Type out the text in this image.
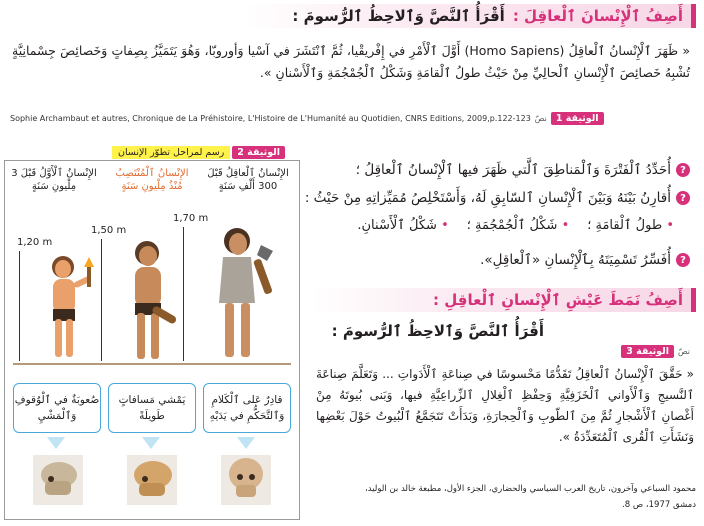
أَصِفُ ٱلْإِنْسانَ ٱلْعاقِلَ :
أَقْرَأُ ٱلنَّصَّ وَٱلاحِظُ ٱلرُّسومَ :
« ظَهَرَ ٱلْإِنْسانُ ٱلْعاقِلُ (Homo Sapiens) أَوَّلَ ٱلْأَمْرِ في إِفْريقْيا، ثُمَّ ٱنْتَشَرَ في آسْيا وَأوروبّا، وَهُوَ يَتَمَيَّزُ بِصِفاتٍ وَخَصائِصَ جِسْمانِيَّةٍ تُشْبِهُ خَصائِصَ ٱلْإِنْسانِ ٱلْحالِيِّ مِنْ حَيْثُ طولُ ٱلْقامَةِ وَشَكْلُ ٱلْجُمْجُمَةِ وَٱلْأَسْنانِ ».
Sophie Archambaut et autres, Chronique de La Préhistoire, L'Histoire de L'Humanité au Quotidien, CNRS Editions, 2009,p.122-123 نصّ الوثيقة 1
الوثيقة 2
رسم لمراحل تطوّر الإنسان
الإِنْسانُ ٱلْأَوَّلُ قَبْلَ 3 مِلْيونِ سَنَةٍ
الإِنْسانُ ٱلْمُنْتَصِبُ مُنْذُ مِلْيونِ سَنَةٍ
الإِنْسانُ ٱلْعاقِلُ قَبْلَ 300 أَلْفِ سَنَةٍ
1,20 m
1,50 m
1,70 m
صُعوبَةٌ في ٱلْوُقوفِ وَٱلْمَشْيِ
يَمْشي مَسافاتٍ طَويلَةً
قادِرٌ عَلى ٱلْكَلامِ وَٱلتَّحَكُّمِ في يَدَيْهِ
?
أُحَدِّدُ ٱلْفَتْرَةَ وَٱلْمَناطِقَ ٱلَّتي ظَهَرَ فيها ٱلْإِنْسانُ ٱلْعاقِلُ ؛
?
أُقارِنُ بَيْنَهُ وَبَيْنَ ٱلْإِنْسانِ ٱلسّابِقِ لَهُ، وَأَسْتَخْلِصُ مُمَيِّزاتِهِ مِنْ حَيْثُ :
• طولُ ٱلْقامَةِ ؛
• شَكْلُ ٱلْجُمْجُمَةِ ؛
• شَكْلُ ٱلْأَسْنانِ.
?
أُفَسِّرُ تَسْمِيَتَهُ بِٱلْإِنْسانِ «ٱلْعاقِلِ».
أَصِفُ نَمَطَ عَيْشِ ٱلْإِنْسانِ ٱلْعاقِلِ :
أَقْرَأُ ٱلنَّصَّ وَٱلاحِظُ ٱلرُّسومَ :
نصّ
الوثيقة 3
« حَقَّقَ ٱلْإِنْسانُ ٱلْعاقِلُ تَقَدُّمًا مَحْسوسًا في صِناعَةِ ٱلْأَدَواتِ ... وَتَعَلَّمَ صِناعَةَ ٱلنَّسيجِ وَٱلْأَواني ٱلْخَزَفِيَّةِ وَحِفْظِ ٱلْغِلالِ ٱلزِّراعِيَّةِ فيها، وَبَنى بُيوتَهُ مِنْ أَغْصانِ ٱلْأَشْجارِ ثُمَّ مِنَ ٱلطّوبِ وَٱلْحِجارَةِ، وَبَدَأَتْ تَتَجَمَّعُ ٱلْبُيوتُ حَوْلَ بَعْضِها وَنَشَأَتِ ٱلْقُرى ٱلْمُتَعَدِّدَةُ ».
محمود السباعي وآخرون، تاريخ العرب السياسي والحضاري، الجزء الأول، مطبعة خالد بن الوليد،
دمشق 1977، ص 8.
